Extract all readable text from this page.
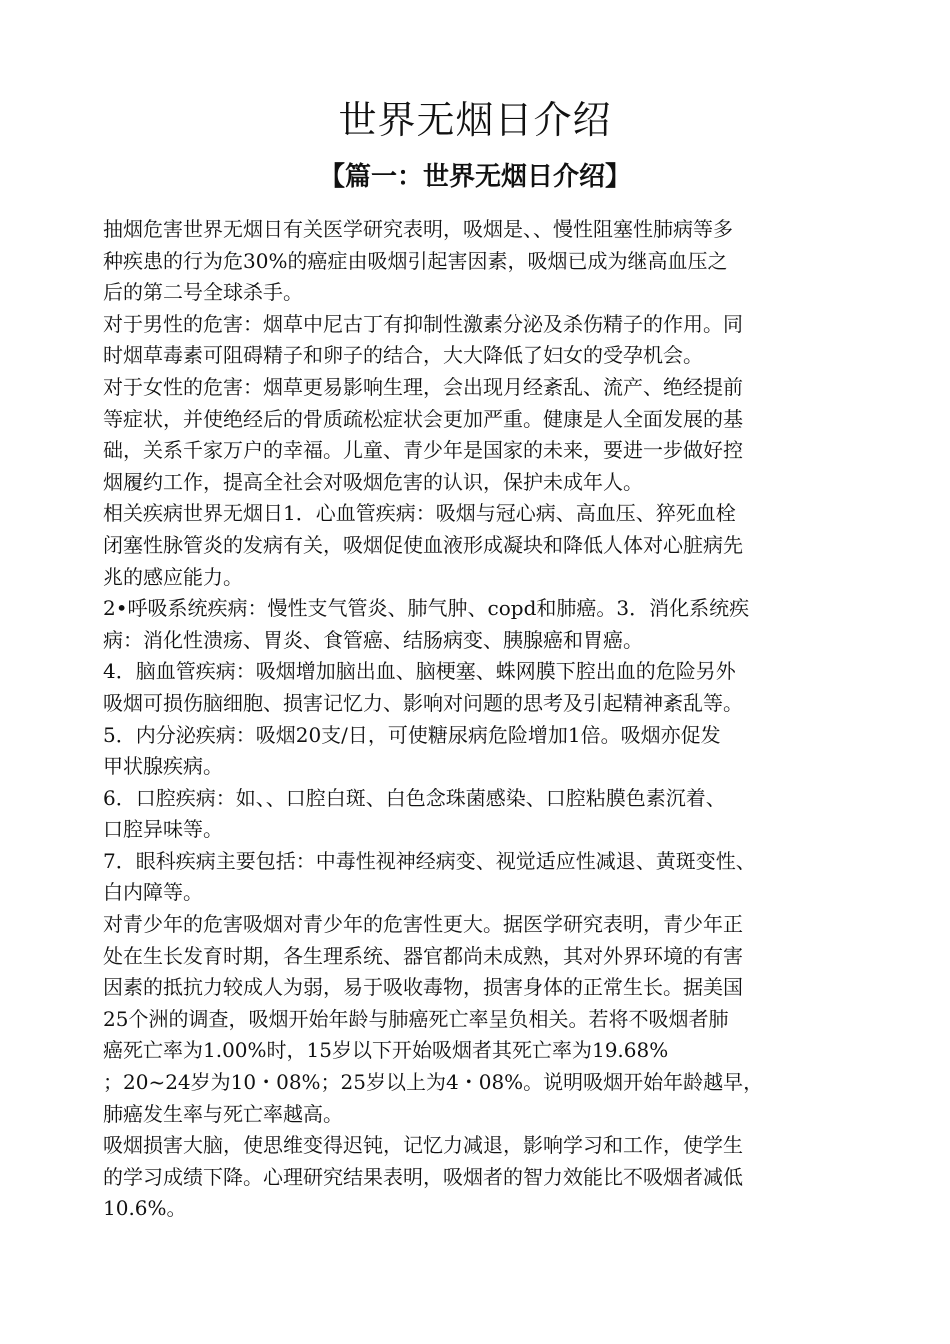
世界无烟日介绍
【篇一：世界无烟日介绍】
抽烟危害世界无烟日有关医学研究表明，吸烟是、、慢性阻塞性肺病等多
种疾患的行为危30%的癌症由吸烟引起害因素，吸烟已成为继高血压之
后的第二号全球杀手。
对于男性的危害：烟草中尼古丁有抑制性激素分泌及杀伤精子的作用。同
时烟草毒素可阻碍精子和卵子的结合，大大降低了妇女的受孕机会。
对于女性的危害：烟草更易影响生理，会出现月经紊乱、流产、绝经提前
等症状，并使绝经后的骨质疏松症状会更加严重。健康是人全面发展的基
础，关系千家万户的幸福。儿童、青少年是国家的未来，要进一步做好控
烟履约工作，提高全社会对吸烟危害的认识，保护未成年人。
相关疾病世界无烟日1．心血管疾病：吸烟与冠心病、高血压、猝死血栓
闭塞性脉管炎的发病有关，吸烟促使血液形成凝块和降低人体对心脏病先
兆的感应能力。
2•呼吸系统疾病：慢性支气管炎、肺气肿、copd和肺癌。3．消化系统疾
病：消化性溃疡、胃炎、食管癌、结肠病变、胰腺癌和胃癌。
4．脑血管疾病：吸烟增加脑出血、脑梗塞、蛛网膜下腔出血的危险另外
吸烟可损伤脑细胞、损害记忆力、影响对问题的思考及引起精神紊乱等。
5．内分泌疾病：吸烟20支/日，可使糖尿病危险增加1倍。吸烟亦促发
甲状腺疾病。
6．口腔疾病：如、、口腔白斑、白色念珠菌感染、口腔粘膜色素沉着、
口腔异味等。
7．眼科疾病主要包括：中毒性视神经病变、视觉适应性减退、黄斑变性、
白内障等。
对青少年的危害吸烟对青少年的危害性更大。据医学研究表明，青少年正
处在生长发育时期，各生理系统、器官都尚未成熟，其对外界环境的有害
因素的抵抗力较成人为弱，易于吸收毒物，损害身体的正常生长。据美国
25个洲的调查，吸烟开始年龄与肺癌死亡率呈负相关。若将不吸烟者肺
癌死亡率为1.00%时，15岁以下开始吸烟者其死亡率为19.68%
；20~24岁为10・08%；25岁以上为4・08%。说明吸烟开始年龄越早，
肺癌发生率与死亡率越高。
吸烟损害大脑，使思维变得迟钝，记忆力减退，影响学习和工作，使学生
的学习成绩下降。心理研究结果表明，吸烟者的智力效能比不吸烟者减低
10.6%。
